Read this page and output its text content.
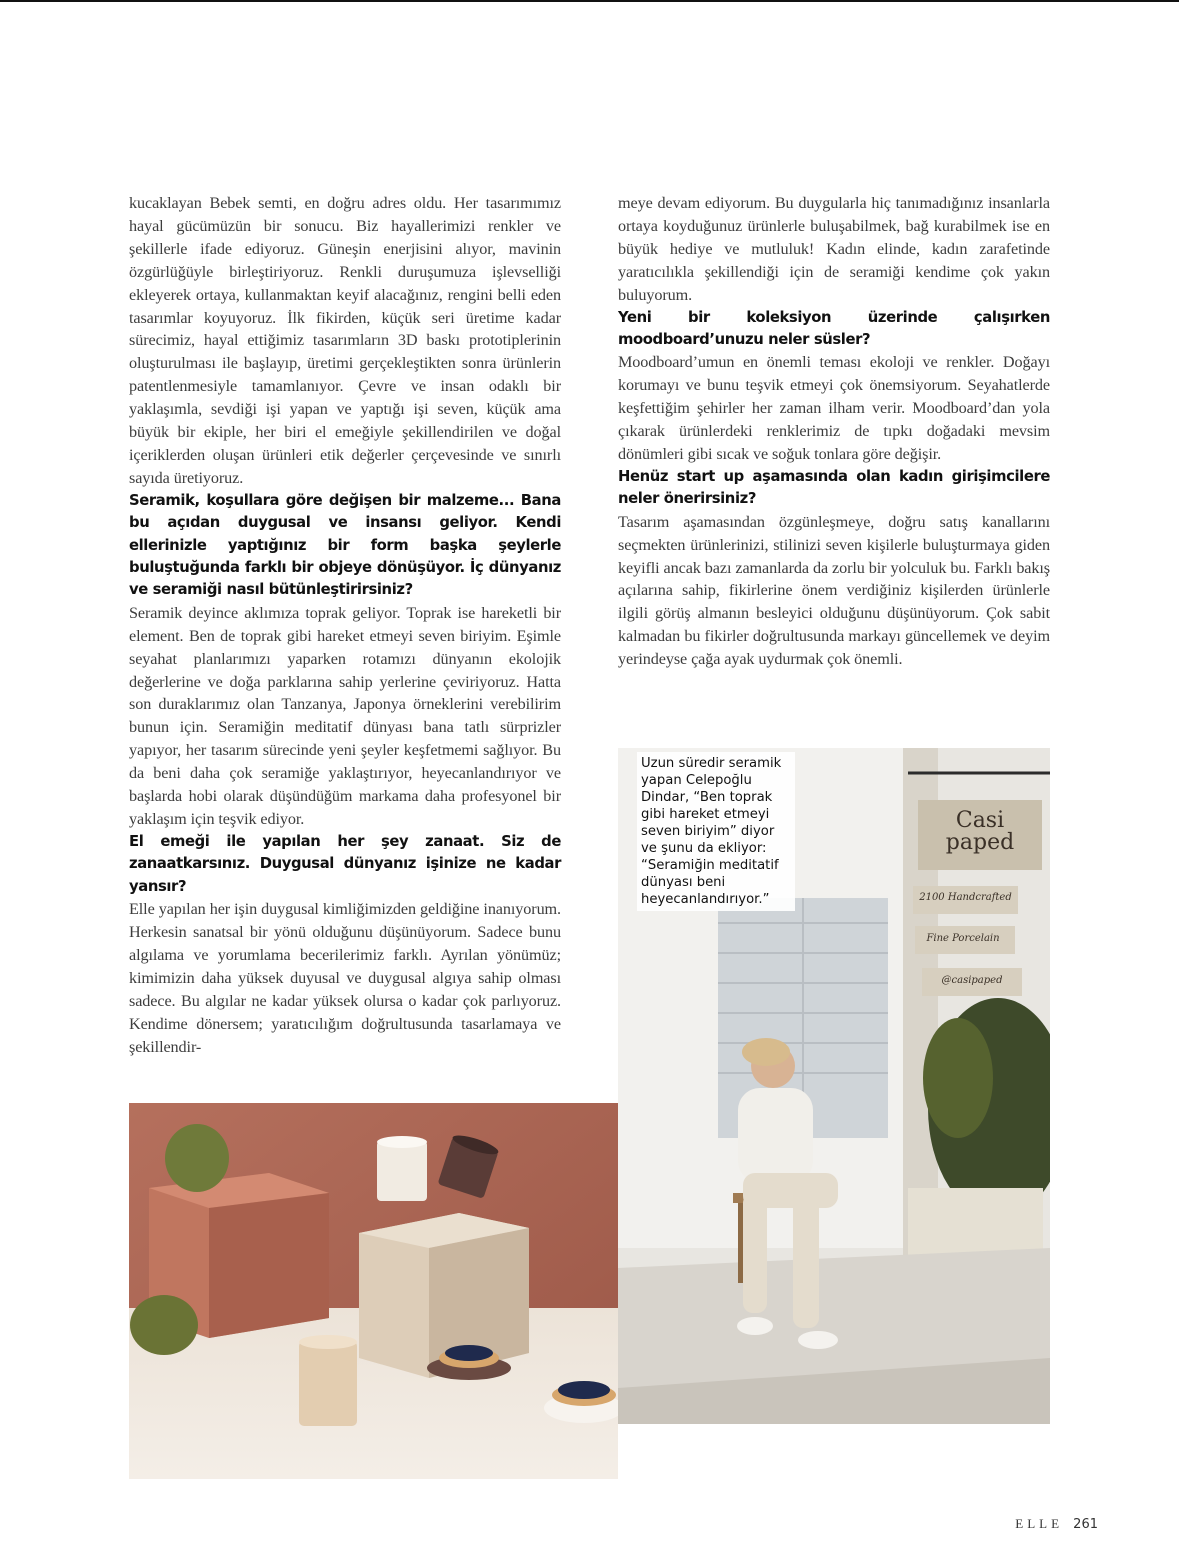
kucaklayan Bebek semti, en doğru adres oldu. Her tasarımımız hayal gücümüzün bir sonucu. Biz hayallerimizi renkler ve şekillerle ifade ediyoruz. Güneşin enerjisini alıyor, mavinin özgürlüğüyle birleştiriyoruz. Renkli duruşumuza işlevselliği ekleyerek ortaya, kullanmaktan keyif alacağınız, rengini belli eden tasarımlar koyuyoruz. İlk fikirden, küçük seri üretime kadar sürecimiz, hayal ettiğimiz tasarımların 3D baskı prototiplerinin oluşturulması ile başlayıp, üretimi gerçekleştikten sonra ürünlerin patentlenmesiyle tamamlanıyor. Çevre ve insan odaklı bir yaklaşımla, sevdiği işi yapan ve yaptığı işi seven, küçük ama büyük bir ekiple, her biri el emeğiyle şekillendirilen ve doğal içeriklerden oluşan ürünleri etik değerler çerçevesinde ve sınırlı sayıda üretiyoruz.

Seramik, koşullara göre değişen bir malzeme... Bana bu açıdan duygusal ve insansı geliyor. Kendi ellerinizle yaptığınız bir form başka şeylerle buluştuğunda farklı bir objeye dönüşüyor. İç dünyanız ve seramiği nasıl bütünleştirirsiniz?

Seramik deyince aklımıza toprak geliyor. Toprak ise hareketli bir element. Ben de toprak gibi hareket etmeyi seven biriyim. Eşimle seyahat planlarımızı yaparken rotamızı dünyanın ekolojik değerlerine ve doğa parklarına sahip yerlerine çeviriyoruz. Hatta son duraklarımız olan Tanzanya, Japonya örneklerini verebilirim bunun için. Seramiğin meditatif dünyası bana tatlı sürprizler yapıyor, her tasarım sürecinde yeni şeyler keşfetmemi sağlıyor. Bu da beni daha çok seramiğe yaklaştırıyor, heyecanlandırıyor ve başlarda hobi olarak düşündüğüm markama daha profesyonel bir yaklaşım için teşvik ediyor.

El emeği ile yapılan her şey zanaat. Siz de zanaatkarsınız. Duygusal dünyanız işinize ne kadar yansır?

Elle yapılan her işin duygusal kimliğimizden geldiğine inanıyorum. Herkesin sanatsal bir yönü olduğunu düşünüyorum. Sadece bunu algılama ve yorumlama becerilerimiz farklı. Ayrılan yönümüz; kimimizin daha yüksek duyusal ve duygusal algıya sahip olması sadece. Bu algılar ne kadar yüksek olursa o kadar çok parlıyoruz. Kendime dönersem; yaratıcılığım doğrultusunda tasarlamaya ve şekillendir-

meye devam ediyorum. Bu duygularla hiç tanımadığınız insanlarla ortaya koyduğunuz ürünlerle buluşabilmek, bağ kurabilmek ise en büyük hediye ve mutluluk! Kadın elinde, kadın zarafetinde yaratıcılıkla şekillendiği için de seramiği kendime çok yakın buluyorum.

Yeni bir koleksiyon üzerinde çalışırken moodboard’unuzu neler süsler?

Moodboard’umun en önemli teması ekoloji ve renkler. Doğayı korumayı ve bunu teşvik etmeyi çok önemsiyorum. Seyahatlerde keşfettiğim şehirler her zaman ilham verir. Moodboard’dan yola çıkarak ürünlerdeki renklerimiz de tıpkı doğadaki mevsim dönümleri gibi sıcak ve soğuk tonlara göre değişir.

Henüz start up aşamasında olan kadın girişimcilere neler önerirsiniz?

Tasarım aşamasından özgünleşmeye, doğru satış kanallarını seçmekten ürünlerinizi, stilinizi seven kişilerle buluşturmaya giden keyifli ancak bazı zamanlarda da zorlu bir yolculuk bu. Farklı bakış açılarına sahip, fikirlerine önem verdiğiniz kişilerden ürünlerle ilgili görüş almanın besleyici olduğunu düşünüyorum. Çok sabit kalmadan bu fikirler doğrultusunda markayı güncellemek ve deyim yerindeyse çağa ayak uydurmak çok önemli.

Casi paped
2100 Handcrafted
Fine Porcelain
@casipaped
Uzun süredir seramik yapan Celepoğlu Dindar, “Ben toprak gibi hareket etmeyi seven biriyim” diyor ve şunu da ekliyor: “Seramiğin meditatif dünyası beni heyecanlandırıyor.”
ELLE 261
